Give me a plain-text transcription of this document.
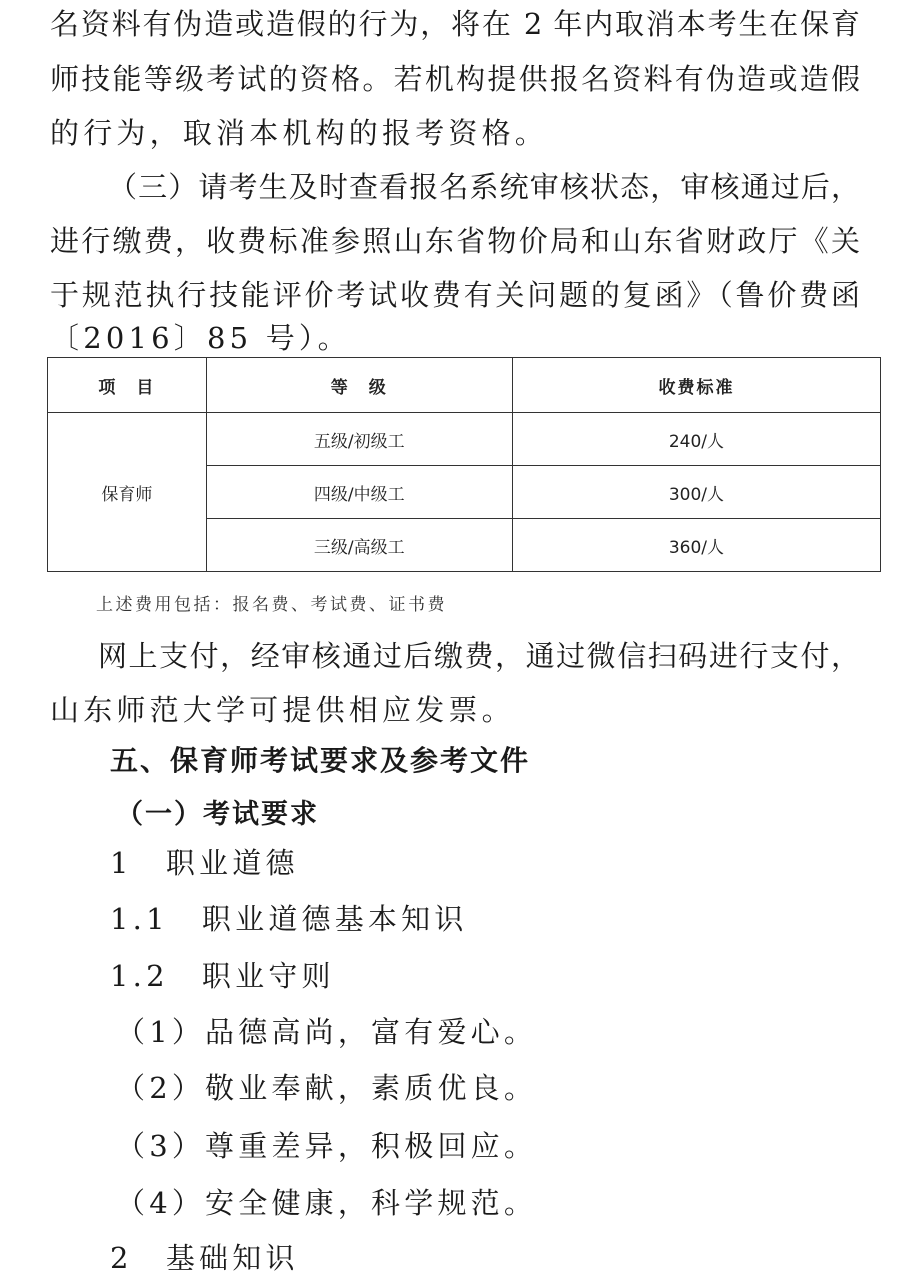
名资料有伪造或造假的行为，将在 2 年内取消本考生在保育
师技能等级考试的资格。若机构提供报名资料有伪造或造假
的行为，取消本机构的报考资格。
（三）请考生及时查看报名系统审核状态，审核通过后，
进行缴费，收费标准参照山东省物价局和山东省财政厅《关
于规范执行技能评价考试收费有关问题的复函》（鲁价费函
〔2016〕85 号）。
项　目	等　级	收费标准
保育师	五级/初级工	240/人
	四级/中级工	300/人
	三级/高级工	360/人
上述费用包括：报名费、考试费、证书费
网上支付，经审核通过后缴费，通过微信扫码进行支付，
山东师范大学可提供相应发票。
五、保育师考试要求及参考文件
（一）考试要求
1　职业道德
1.1　职业道德基本知识
1.2　职业守则
（1）品德高尚，富有爱心。
（2）敬业奉献，素质优良。
（3）尊重差异，积极回应。
（4）安全健康，科学规范。
2　基础知识
